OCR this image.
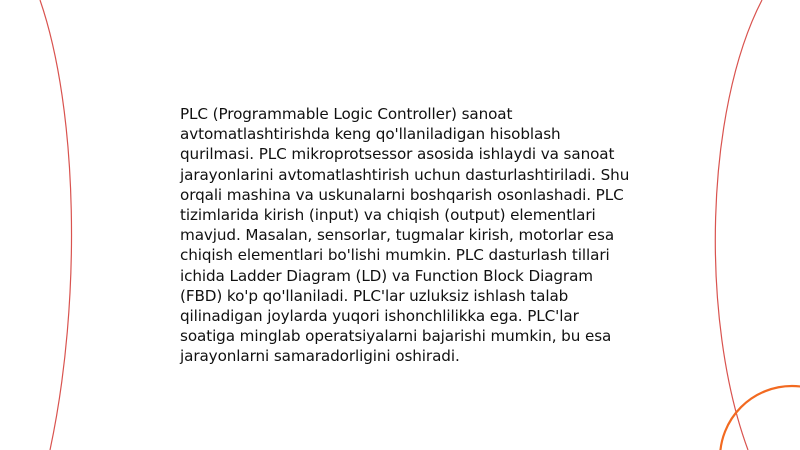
PLC (Programmable Logic Controller) sanoat avtomatlashtirishda keng qo'llaniladigan hisoblash qurilmasi. PLC mikroprotsessor asosida ishlaydi va sanoat jarayonlarini avtomatlashtirish uchun dasturlashtiriladi. Shu orqali mashina va uskunalarni boshqarish osonlashadi. PLC tizimlarida kirish (input) va chiqish (output) elementlari mavjud. Masalan, sensorlar, tugmalar kirish, motorlar esa chiqish elementlari bo'lishi mumkin. PLC dasturlash tillari ichida Ladder Diagram (LD) va Function Block Diagram (FBD) ko'p qo'llaniladi. PLC'lar uzluksiz ishlash talab qilinadigan joylarda yuqori ishonchlilikka ega. PLC'lar soatiga minglab operatsiyalarni bajarishi mumkin, bu esa jarayonlarni samaradorligini oshiradi.
